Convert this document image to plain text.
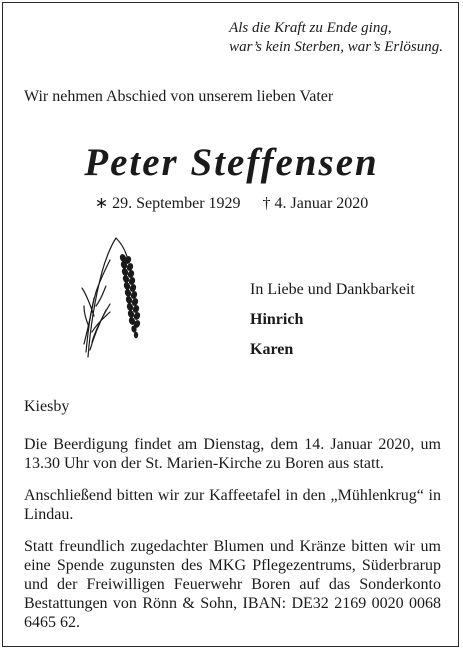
Als die Kraft zu Ende ging,
war’s kein Sterben, war’s Erlösung.
Wir nehmen Abschied von unserem lieben Vater
Peter Steffensen
∗ 29. September 1929 † 4. Januar 2020
In Liebe und Dankbarkeit
Hinrich
Karen
Kiesby
Die Beerdigung findet am Dienstag, dem 14. Januar 2020, um 13.30 Uhr von der St. Marien-Kirche zu Boren aus statt.
Anschließend bitten wir zur Kaffeetafel in den „Mühlenkrug“ in Lindau.
Statt freundlich zugedachter Blumen und Kränze bitten wir um eine Spende zugunsten des MKG Pflegezentrums, Süderbrarup und der Freiwilligen Feuerwehr Boren auf das Sonderkonto Bestattungen von Rönn & Sohn, IBAN: DE32 2169 0020 0068 6465 62.
